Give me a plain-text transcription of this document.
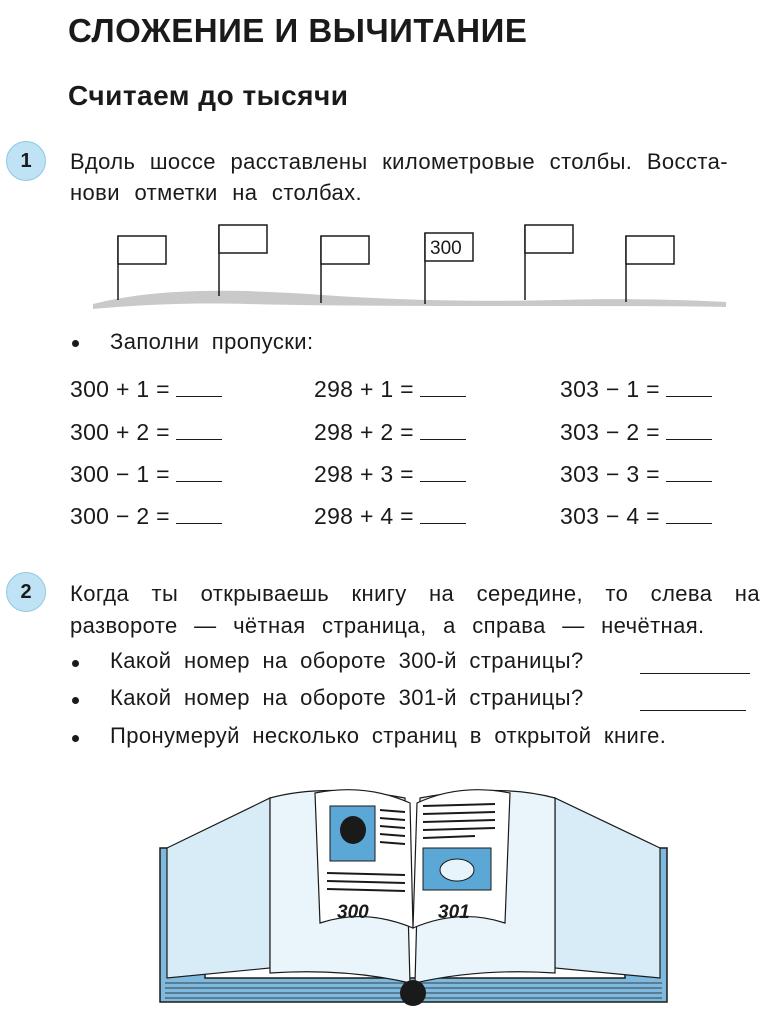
СЛОЖЕНИЕ И ВЫЧИТАНИЕ
Считаем до тысячи
1	Вдоль шоссе расставлены километровые столбы. Восста-
нови отметки на столбах.
300
Заполни пропуски:
300 + 1 =	298 + 1 =	303 − 1 =
300 + 2 =	298 + 2 =	303 − 2 =
300 − 1 =	298 + 3 =	303 − 3 =
300 − 2 =	298 + 4 =	303 − 4 =
2	Когда ты открываешь книгу на середине, то слева на
развороте — чётная страница, а справа — нечётная.
Какой номер на обороте 300-й страницы?
Какой номер на обороте 301-й страницы?
Пронумеруй несколько страниц в открытой книге.
300	301
